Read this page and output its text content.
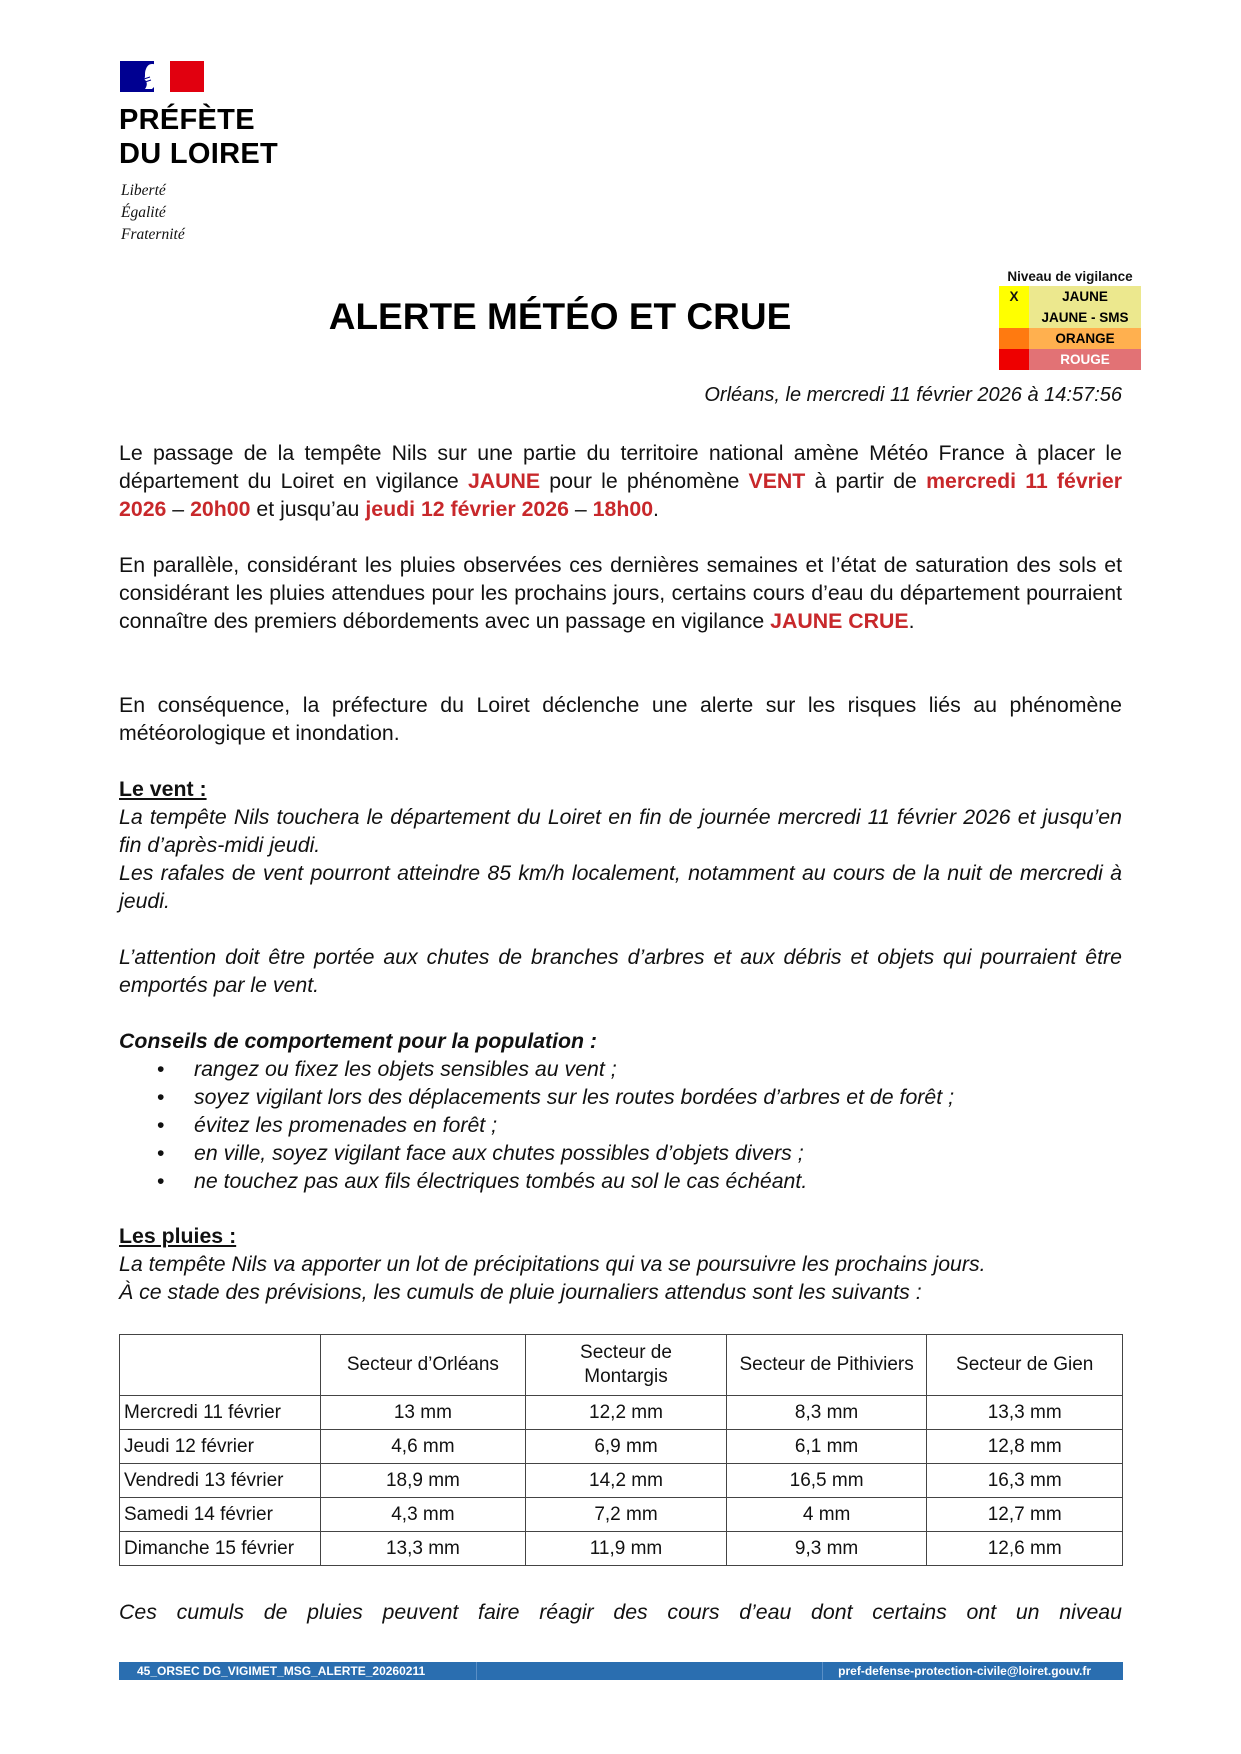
PRÉFÈTE
DU LOIRET
Liberté
Égalité
Fraternité
ALERTE MÉTÉO ET CRUE
Niveau de vigilance
X	JAUNE
JAUNE - SMS
ORANGE
ROUGE
Orléans, le mercredi 11 février 2026 à 14:57:56

Le passage de la tempête Nils sur une partie du territoire national amène Météo France à placer le département du Loiret en vigilance JAUNE pour le phénomène VENT à partir de mercredi 11 février 2026 – 20h00 et jusqu’au jeudi 12 février 2026 – 18h00.

En parallèle, considérant les pluies observées ces dernières semaines et l’état de saturation des sols et considérant les pluies attendues pour les prochains jours, certains cours d’eau du département pourraient connaître des premiers débordements avec un passage en vigilance JAUNE CRUE.

En conséquence, la préfecture du Loiret déclenche une alerte sur les risques liés au phénomène météorologique et inondation.

Le vent :

La tempête Nils touchera le département du Loiret en fin de journée mercredi 11 février 2026 et jusqu’en fin d’après-midi jeudi.

Les rafales de vent pourront atteindre 85 km/h localement, notamment au cours de la nuit de mercredi à jeudi.

L’attention doit être portée aux chutes de branches d’arbres et aux débris et objets qui pourraient être emportés par le vent.

Conseils de comportement pour la population :

• rangez ou fixez les objets sensibles au vent ;
• soyez vigilant lors des déplacements sur les routes bordées d’arbres et de forêt ;
• évitez les promenades en forêt ;
• en ville, soyez vigilant face aux chutes possibles d’objets divers ;
• ne touchez pas aux fils électriques tombés au sol le cas échéant.

Les pluies :

La tempête Nils va apporter un lot de précipitations qui va se poursuivre les prochains jours.

À ce stade des prévisions, les cumuls de pluie journaliers attendus sont les suivants :

	Secteur d’Orléans	Secteur de Montargis	Secteur de Pithiviers	Secteur de Gien
Mercredi 11 février	13 mm	12,2 mm	8,3 mm	13,3 mm
Jeudi 12 février	4,6 mm	6,9 mm	6,1 mm	12,8 mm
Vendredi 13 février	18,9 mm	14,2 mm	16,5 mm	16,3 mm
Samedi 14 février	4,3 mm	7,2 mm	4 mm	12,7 mm
Dimanche 15 février	13,3 mm	11,9 mm	9,3 mm	12,6 mm
Ces cumuls de pluies peuvent faire réagir des cours d’eau dont certains ont un niveau
45_ORSEC DG_VIGIMET_MSG_ALERTE_20260211	pref-defense-protection-civile@loiret.gouv.fr
